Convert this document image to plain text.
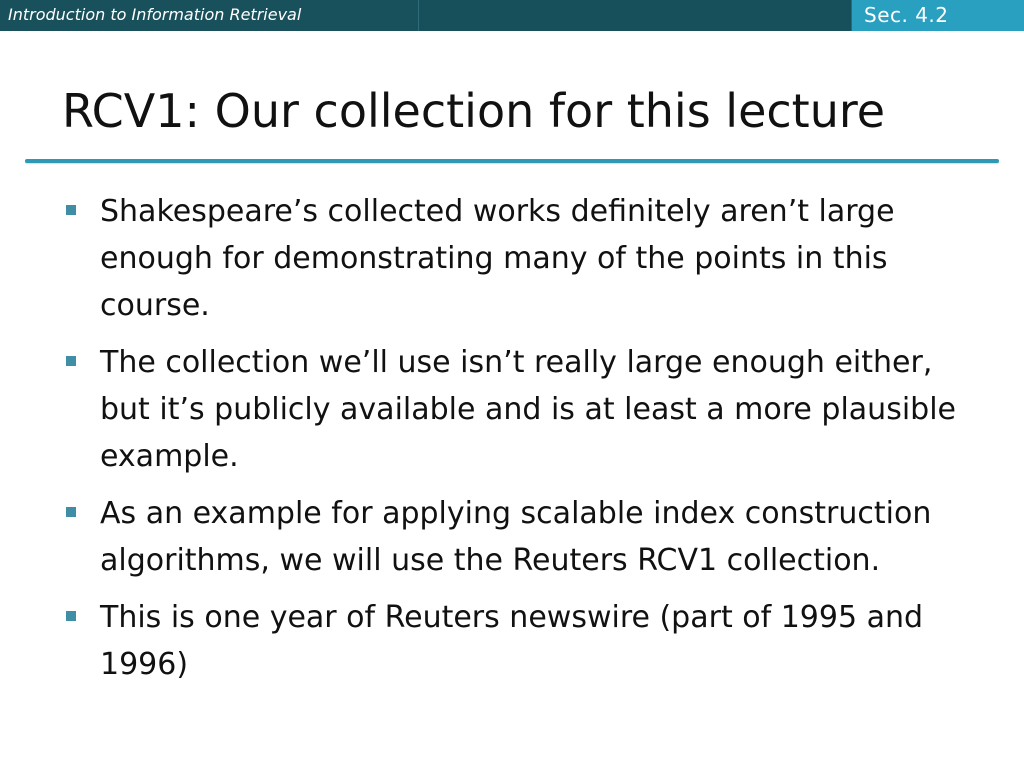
Introduction to Information Retrieval	Sec. 4.2
RCV1: Our collection for this lecture
Shakespeare’s collected works definitely aren’t large enough for demonstrating many of the points in this course.
The collection we’ll use isn’t really large enough either, but it’s publicly available and is at least a more plausible example.
As an example for applying scalable index construction algorithms, we will use the Reuters RCV1 collection.
This is one year of Reuters newswire (part of 1995 and 1996)
